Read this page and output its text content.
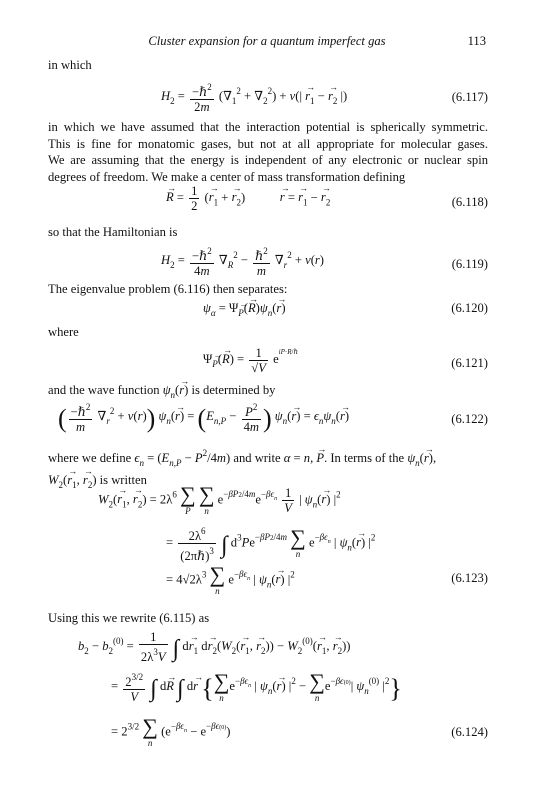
Cluster expansion for a quantum imperfect gas	113
in which
$H_2 = \frac{-\hbar^2}{2m} (\nabla_1^2 + \nabla_2^2) + v(| \to r_1$ − → $r_2$ |)	(6.117)
in which we have assumed that the interaction potential is spherically symmetric.
This is fine for monatomic gases, but not at all appropriate for molecular gases.
We are assuming that the energy is independent of any electronic or nuclear spin
degrees of freedom. We make a center of mass transformation defining
→ $R = \frac{1}{2}$ (→ $r_1$ + → $r_2$)           → r = → $r_1$ − → $r_2$	(6.118)
so that the Hamiltonian is
$H_2 = \frac{-\hbar^2}{4m} \nabla_R^2 - \frac{\hbar^2}{m} \nabla_r^2 + v(r)$	(6.119)
The eigenvalue problem (6.116) then separates:
$\psi_\alpha = \Psi\to _P(\to R)\psi_n(\to r)$	(6.120)
where
$\Psi\to _P(\to R) = \frac{1}{√V} e^{iP\cdot R/\hbar}$
(6.121)
and the wave function $\psi_n(\to r)$ is determined by
( $\frac{-\hbar^2}{m} \nabla_r^2 + v(r)$) $\psi_n(\to r) = (E_{n,P} - \frac{P^2}{4m}$ ) $\psi_n(\to r) = \epsilon_n\psi_n(\to r)$	(6.122)
where we define $\epsilon_n = (E_{n,P} - P^2/4m)$ and write α = n, → P. In terms of the $\psi_n(\to r)$,
$W_2(\to r_1$, → $r_2$) is written
$W_2(\to r_1$, → $r_2) = 2\lambda^6$ ∑
P

∑
n
$e^{-\beta P2/4m}e^{-\beta\epsilon_n} \frac{1}{V}$ | $\psi_n(\to r)$ $|^2$
= $\frac{2\lambda^6}{(2\pi\hbar)^3}$ ∫ $d^3Pe^{-\beta P2/4m}$ ∑
n
$e^{-\beta\epsilon_n}$ | $\psi_n(\to r)$ $|^2$
= $4√2\lambda^3$ ∑
n
$e^{-\beta\epsilon_n}$ | $\psi_n(\to r)$ $|^2$	(6.123)
Using this we rewrite (6.115) as
$b_2 - b_2^{(0)} = \frac{1}{2\lambda^3V}$ ∫ $d\to r_1$ $d\to r_2(W_2(\to r_1$, → $r_2)) - W_2^{(0)}(\to r_1$, → $r_2$))
= $\frac{2^{3/2}}{V}$ ∫ d→ R ∫ d→ r { ∑
n
$e^{-\beta\epsilon_n}$ | $\psi_n(\to r) |^2$ − ∑
n
$e^{-\beta\epsilon(0)}|$ $\psi_n^{(0)}$ $|^2$}
= $2^{3/2}$ ∑
n
$(e^{-\beta\epsilon_n} - e^{-\beta\epsilon(0)})$	(6.124)
